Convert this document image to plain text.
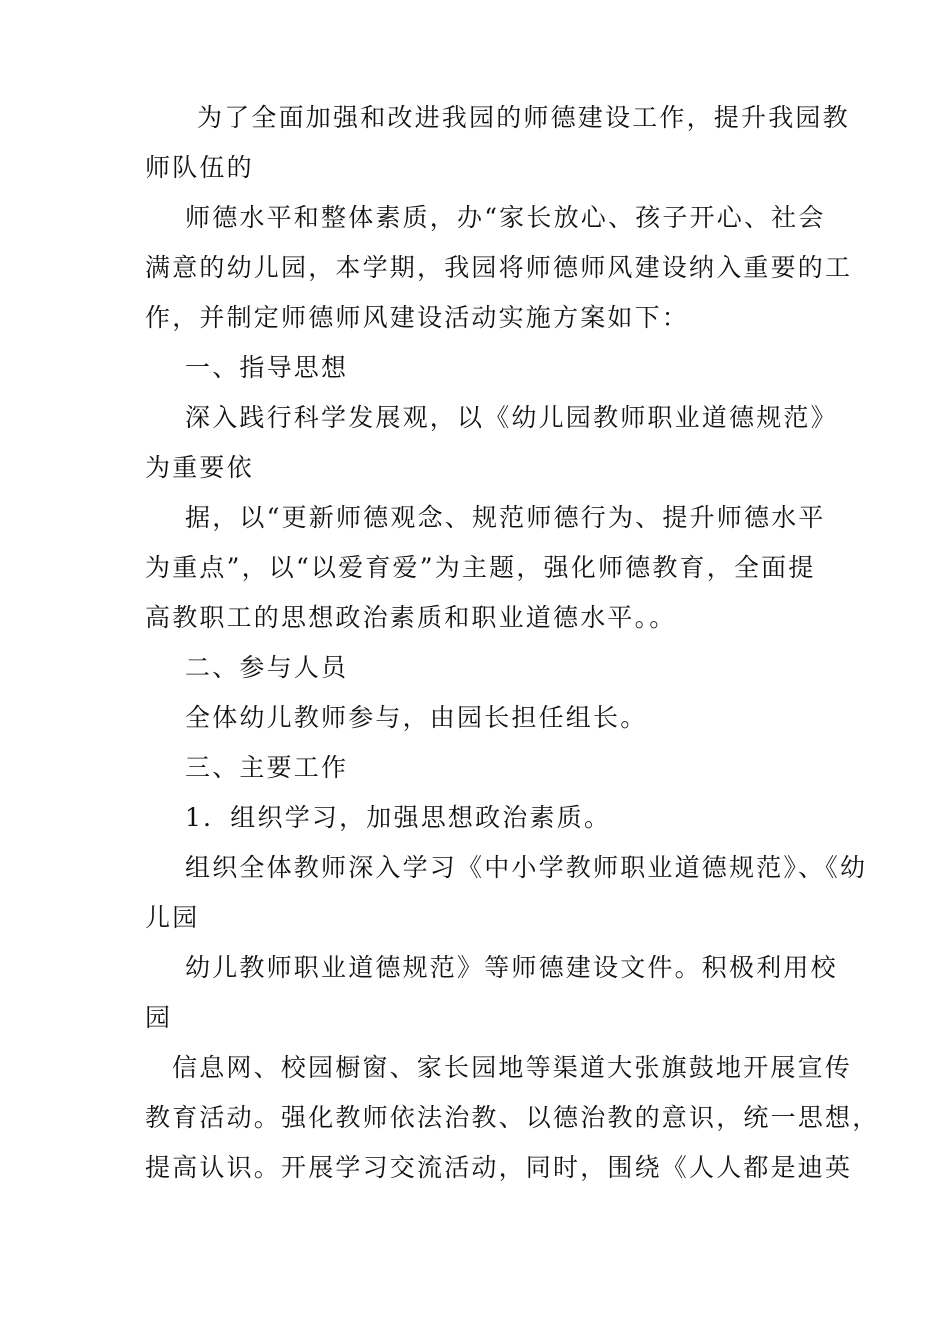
为了全面加强和改进我园的师德建设工作，提升我园教
师队伍的
师德水平和整体素质，办“家长放心、孩子开心、社会
满意的幼儿园，本学期，我园将师德师风建设纳入重要的工
作，并制定师德师风建设活动实施方案如下：
一、指导思想
深入践行科学发展观，以《幼儿园教师职业道德规范》
为重要依
据，以“更新师德观念、规范师德行为、提升师德水平
为重点”，以“以爱育爱”为主题，强化师德教育，全面提
高教职工的思想政治素质和职业道德水平。。
二、参与人员
全体幼儿教师参与，由园长担任组长。
三、主要工作
1．组织学习，加强思想政治素质。
组织全体教师深入学习《中小学教师职业道德规范》、《幼
儿园
幼儿教师职业道德规范》等师德建设文件。积极利用校
园
信息网、校园橱窗、家长园地等渠道大张旗鼓地开展宣传
教育活动。强化教师依法治教、以德治教的意识，统一思想，
提高认识。开展学习交流活动，同时，围绕《人人都是迪英
